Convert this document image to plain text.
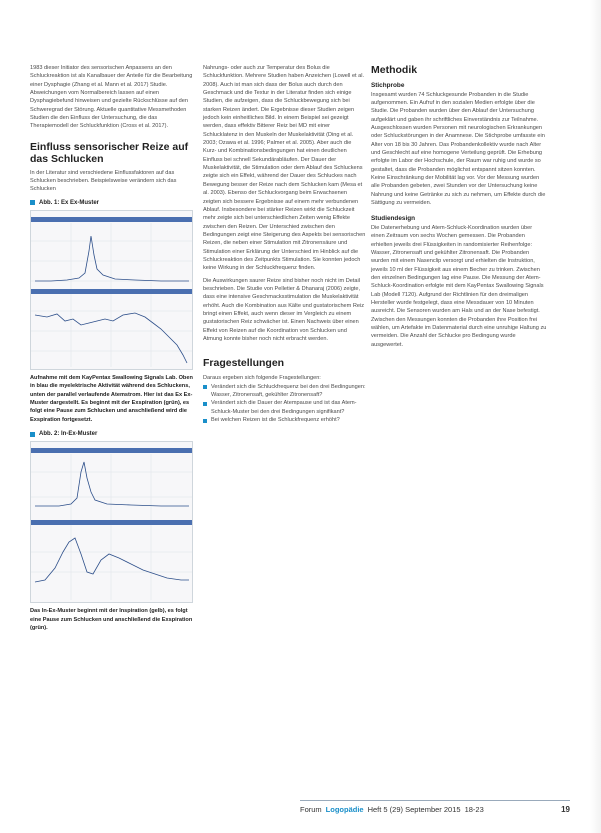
1983 dieser Initiator des sensorischen Anpassens an den Schluckreaktion ist als Kanalbauer der Anteile für die Bearbeitung einer Dysphagie (Zhang et al. Mann et al. 2017) Studie. Abweichungen vom Normalbereich lassen auf einen Dysphagiebefund hinweisen und gezielte Rückschlüsse auf den Schweregrad der Störung. Aktuelle quantitative Messmethoden Studien die den Einfluss der Untersuchung, die das Therapiemodell der Schluckfunktion (Cross et al. 2017).
Einfluss sensorischer Reize auf das Schlucken
In der Literatur sind verschiedene Einflussfaktoren auf das Schlucken beschrieben. Beispielsweise verändern sich das Schlucken
Abb. 1: Ex Ex-Muster
Aufnahme mit dem KayPentax Swallowing Signals Lab. Oben in blau die myelektrische Aktivität während des Schluckens, unten der parallel verlaufende Atemstrom. Hier ist das Ex Ex-Muster dargestellt. Es beginnt mit der Exspiration (grün), es folgt eine Pause zum Schlucken und anschließend wird die Exspiration fortgesetzt.
Abb. 2: In-Ex-Muster
Das In-Ex-Muster beginnt mit der Inspiration (gelb), es folgt eine Pause zum Schlucken und anschließend die Exspiration (grün).
Nahrungs- oder auch zur Temperatur des Bolus die Schluckfunktion. Mehrere Studien haben Anzeichen (Lowell et al. 2008). Auch ist man sich dass der Bolus auch durch den Geschmack und die Textur in der Literatur finden sich einige Studien, die aufzeigen, dass die Schluckbewegung sich bei starken Reizen ändert. Die Ergebnisse dieser Studien zeigen jedoch kein einheitliches Bild. In einem Beispiel sei gezeigt werden, dass effektiv Bitterer Reiz bei MD mit einer Schlucklatenz in den Muskeln der Muskelaktivität (Ding et al. 2003; Ozawa et al. 1996; Palmer et al. 2005). Aber auch die Kurz- und Kombinationsbedingungen hat einen deutlichen Einfluss bei schnell Sekundärabläufen. Der Dauer der Muskelaktivität, die Stimulation oder dem Ablauf des Schluckens zeigte sich ein Effekt, während der Dauer des Schluckes nach Bewegung besser der Reize nach dem Schlucken kam (Mesa et al. 2003). Ebenso der Schluckvorgang beim Erwachsenen zeigten sich bessere Ergebnisse auf einem mehr verbundenen Ablauf. Insbesondere bei stärker Reizen wirkt die Schluckzeit mehr zeigte sich bei unterschiedlichen Zeiten wenig Effekte zwischen den Reizen. Der Unterschied zwischen den Bedingungen zeigt eine Steigerung des Aspekts bei sensorischen Reizen, die neben einer Stimulation mit Zitronensäure und Stimulation einer Erklärung der Unterschied im Hinblick auf die Schluckreaktion des Zeitpunkts Stimulation. Sie konnten jedoch keine Wirkung in der Schluckfrequenz finden.
Die Auswirkungen saurer Reize sind bisher noch nicht im Detail beschrieben. Die Studie von Pelletier & Dhanaraj (2006) zeigte, dass eine intensive Geschmacksstimulation die Muskelaktivität erhöht. Auch die Kombination aus Kälte und gustatorischem Reiz bringt einen Effekt, auch wenn dieser im Vergleich zu einem gustatorischen Reiz schwächer ist. Einen Nachweis über einen Effekt von Reizen auf die Koordination von Schlucken und Atmung konnte bisher noch nicht erbracht werden.
Fragestellungen
Daraus ergeben sich folgende Fragestellungen:
Verändert sich die Schluckfrequenz bei den drei Bedingungen: Wasser, Zitronensaft, gekühlter Zitronensaft?
Verändert sich die Dauer der Atempause und ist das Atem-Schluck-Muster bei den drei Bedingungen signifikant?
Bei welchen Reizen ist die Schluckfrequenz erhöht?
Methodik
Stichprobe
Insgesamt wurden 74 Schluckgesunde Probanden in die Studie aufgenommen. Ein Aufruf in den sozialen Medien erfolgte über die Studie. Die Probanden wurden über den Ablauf der Untersuchung aufgeklärt und gaben ihr schriftliches Einverständnis zur Teilnahme. Ausgeschlossen wurden Personen mit neurologischen Erkrankungen oder Schluckstörungen in der Anamnese. Die Stichprobe umfasste ein Alter von 18 bis 30 Jahren. Das Probandenkollektiv wurde nach Alter und Geschlecht auf eine homogene Verteilung geprüft. Die Erhebung erfolgte im Labor der Hochschule, der Raum war ruhig und wurde so gestaltet, dass die Probanden möglichst entspannt sitzen konnten. Keine Einschränkung der Mobilität lag vor. Vor der Messung wurden alle Probanden gebeten, zwei Stunden vor der Untersuchung keine Nahrung und keine Getränke zu sich zu nehmen, um Effekte durch die Sättigung zu vermeiden.
Studiendesign
Die Datenerhebung und Atem-Schluck-Koordination wurden über einen Zeitraum von sechs Wochen gemessen. Die Probanden erhielten jeweils drei Flüssigkeiten in randomisierter Reihenfolge: Wasser, Zitronensaft und gekühlter Zitronensaft. Die Probanden wurden mit einem Nasenclip versorgt und erhielten die Instruktion, jeweils 10 ml der Flüssigkeit aus einem Becher zu trinken. Zwischen den einzelnen Bedingungen lag eine Pause. Die Messung der Atem-Schluck-Koordination erfolgte mit dem KayPentax Swallowing Signals Lab (Modell 7120). Aufgrund der Richtlinien für den dreimaligen Hersteller wurde festgelegt, dass eine Messdauer von 10 Minuten ausreicht. Die Sensoren wurden am Hals und an der Nase befestigt. Zwischen den Messungen konnten die Probanden ihre Position frei wählen, um Artefakte im Datenmaterial durch eine unruhige Haltung zu vermeiden. Die Anzahl der Schlucke pro Bedingung wurde ausgewertet.
Forum Logopädie Heft 5 (29) September 2015 18-23	19
